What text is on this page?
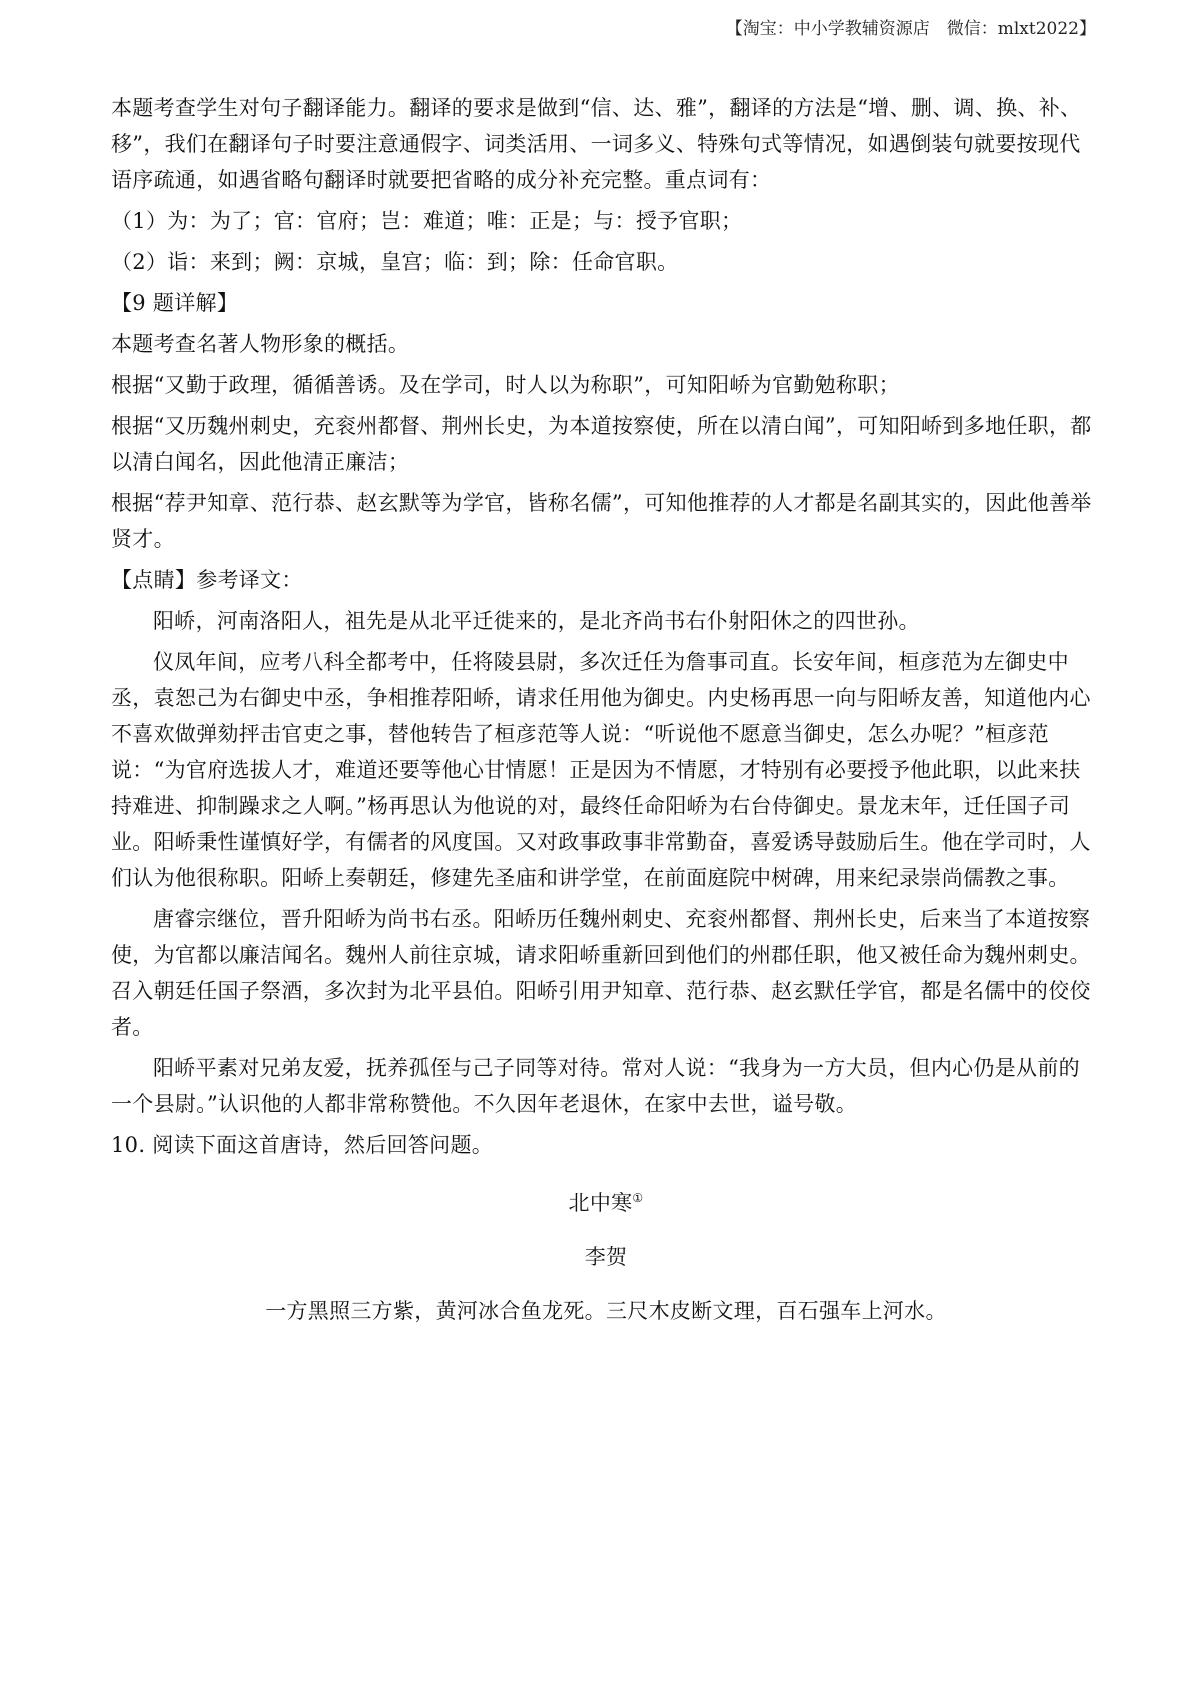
【淘宝：中小学教辅资源店　微信：mlxt2022】

本题考查学生对句子翻译能力。翻译的要求是做到“信、达、雅”，翻译的方法是“增、删、调、换、补、移”，我们在翻译句子时要注意通假字、词类活用、一词多义、特殊句式等情况，如遇倒装句就要按现代语序疏通，如遇省略句翻译时就要把省略的成分补充完整。重点词有：

（1）为：为了；官：官府；岂：难道；唯：正是；与：授予官职；

（2）诣：来到；阙：京城，皇宫；临：到；除：任命官职。

【9 题详解】

本题考查名著人物形象的概括。

根据“又勤于政理，循循善诱。及在学司，时人以为称职”，可知阳峤为官勤勉称职；

根据“又历魏州刺史，充衮州都督、荆州长史，为本道按察使，所在以清白闻”，可知阳峤到多地任职，都以清白闻名，因此他清正廉洁；

根据“荐尹知章、范行恭、赵玄默等为学官，皆称名儒”，可知他推荐的人才都是名副其实的，因此他善举贤才。

【点睛】参考译文：

阳峤，河南洛阳人，祖先是从北平迁徙来的，是北齐尚书右仆射阳休之的四世孙。

仪凤年间，应考八科全都考中，任将陵县尉，多次迁任为詹事司直。长安年间，桓彦范为左御史中丞，袁恕己为右御史中丞，争相推荐阳峤，请求任用他为御史。内史杨再思一向与阳峤友善，知道他内心不喜欢做弹劾抨击官吏之事，替他转告了桓彦范等人说：“听说他不愿意当御史，怎么办呢？”桓彦范说：“为官府选拔人才，难道还要等他心甘情愿！正是因为不情愿，才特别有必要授予他此职，以此来扶持难进、抑制躁求之人啊。”杨再思认为他说的对，最终任命阳峤为右台侍御史。景龙末年，迁任国子司业。阳峤秉性谨慎好学，有儒者的风度国。又对政事政事非常勤奋，喜爱诱导鼓励后生。他在学司时，人们认为他很称职。阳峤上奏朝廷，修建先圣庙和讲学堂，在前面庭院中树碑，用来纪录崇尚儒教之事。

唐睿宗继位，晋升阳峤为尚书右丞。阳峤历任魏州刺史、充衮州都督、荆州长史，后来当了本道按察使，为官都以廉洁闻名。魏州人前往京城，请求阳峤重新回到他们的州郡任职，他又被任命为魏州刺史。召入朝廷任国子祭酒，多次封为北平县伯。阳峤引用尹知章、范行恭、赵玄默任学官，都是名儒中的佼佼者。

阳峤平素对兄弟友爱，抚养孤侄与己子同等对待。常对人说：“我身为一方大员，但内心仍是从前的一个县尉。”认识他的人都非常称赞他。不久因年老退休，在家中去世，谥号敬。

10. 阅读下面这首唐诗，然后回答问题。

北中寒①

李贺

一方黑照三方紫，黄河冰合鱼龙死。三尺木皮断文理，百石强车上河水。
